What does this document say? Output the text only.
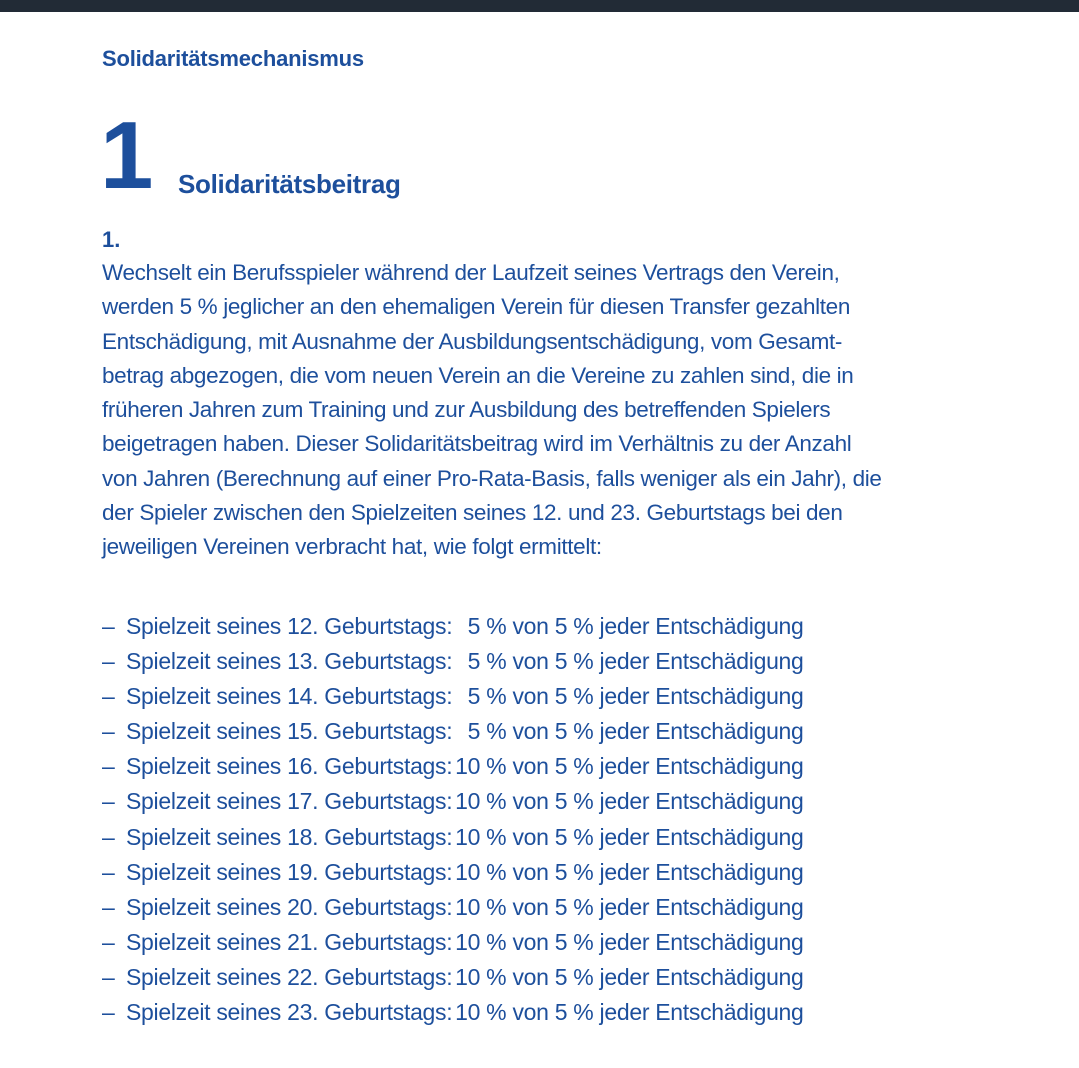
Solidaritätsmechanismus
1 Solidaritätsbeitrag
1.
Wechselt ein Berufsspieler während der Laufzeit seines Vertrags den Verein,
werden 5 % jeglicher an den ehemaligen Verein für diesen Transfer gezahlten
Entschädigung, mit Ausnahme der Ausbildungsentschädigung, vom Gesamt-
betrag abgezogen, die vom neuen Verein an die Vereine zu zahlen sind, die in
früheren Jahren zum Training und zur Ausbildung des betreffenden Spielers
beigetragen haben. Dieser Solidaritätsbeitrag wird im Verhältnis zu der Anzahl
von Jahren (Berechnung auf einer Pro-Rata-Basis, falls weniger als ein Jahr), die
der Spieler zwischen den Spielzeiten seines 12. und 23. Geburtstags bei den
jeweiligen Vereinen verbracht hat, wie folgt ermittelt:
– Spielzeit seines 12. Geburtstags: 5 % von 5 % jeder Entschädigung
– Spielzeit seines 13. Geburtstags: 5 % von 5 % jeder Entschädigung
– Spielzeit seines 14. Geburtstags: 5 % von 5 % jeder Entschädigung
– Spielzeit seines 15. Geburtstags: 5 % von 5 % jeder Entschädigung
– Spielzeit seines 16. Geburtstags: 10 % von 5 % jeder Entschädigung
– Spielzeit seines 17. Geburtstags: 10 % von 5 % jeder Entschädigung
– Spielzeit seines 18. Geburtstags: 10 % von 5 % jeder Entschädigung
– Spielzeit seines 19. Geburtstags: 10 % von 5 % jeder Entschädigung
– Spielzeit seines 20. Geburtstags: 10 % von 5 % jeder Entschädigung
– Spielzeit seines 21. Geburtstags: 10 % von 5 % jeder Entschädigung
– Spielzeit seines 22. Geburtstags: 10 % von 5 % jeder Entschädigung
– Spielzeit seines 23. Geburtstags: 10 % von 5 % jeder Entschädigung
